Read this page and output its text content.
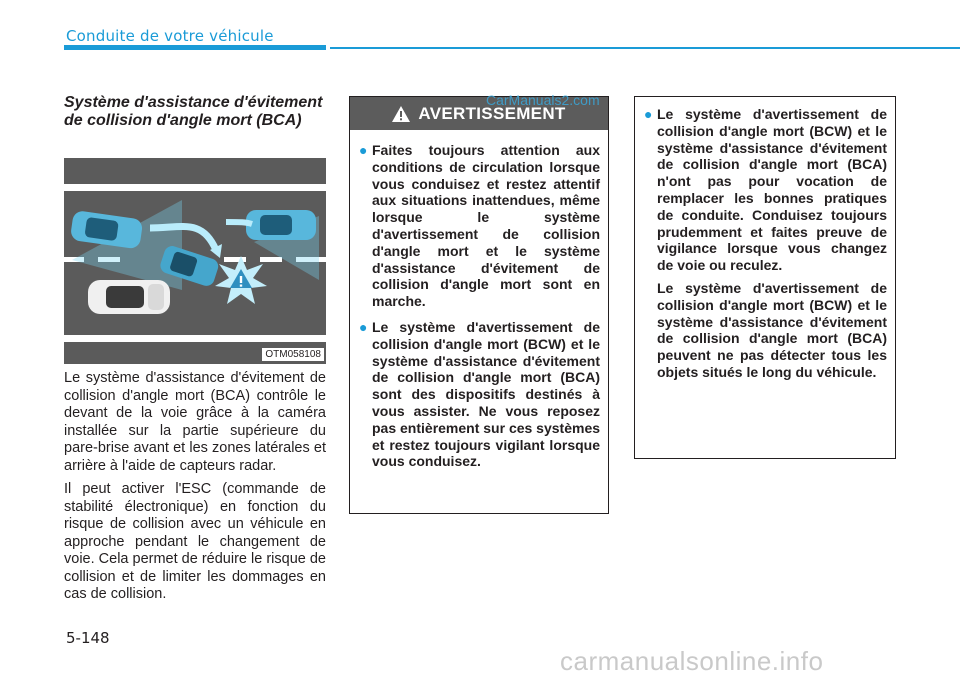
Conduite de votre véhicule
Système d'assistance d'évitement de collision d'angle mort (BCA)
OTM058108

Le système d'assistance d'évitement de collision d'angle mort (BCA) contrôle le devant de la voie grâce à la caméra installée sur la partie supérieure du pare-brise avant et les zones latérales et arrière à l'aide de capteurs radar.

Il peut activer l'ESC (commande de stabilité électronique) en fonction du risque de collision avec un véhicule en approche pendant le changement de voie. Cela permet de réduire le risque de collision et de limiter les dommages en cas de collision.

AVERTISSEMENT
● Faites toujours attention aux conditions de circulation lorsque vous conduisez et restez attentif aux situations inattendues, même lorsque le système d'avertissement de collision d'angle mort et le système d'assistance d'évitement de collision d'angle mort sont en marche.
● Le système d'avertissement de collision d'angle mort (BCW) et le système d'assistance d'évitement de collision d'angle mort (BCA) sont des dispositifs destinés à vous assister. Ne vous reposez pas entièrement sur ces systèmes et restez toujours vigilant lorsque vous conduisez.
● Le système d'avertissement de collision d'angle mort (BCW) et le système d'assistance d'évitement de collision d'angle mort (BCA) n'ont pas pour vocation de remplacer les bonnes pratiques de conduite. Conduisez toujours prudemment et faites preuve de vigilance lorsque vous changez de voie ou reculez.
Le système d'avertissement de collision d'angle mort (BCW) et le système d'assistance d'évitement de collision d'angle mort (BCA) peuvent ne pas détecter tous les objets situés le long du véhicule.
5-148
CarManuals2.com
carmanualsonline.info
